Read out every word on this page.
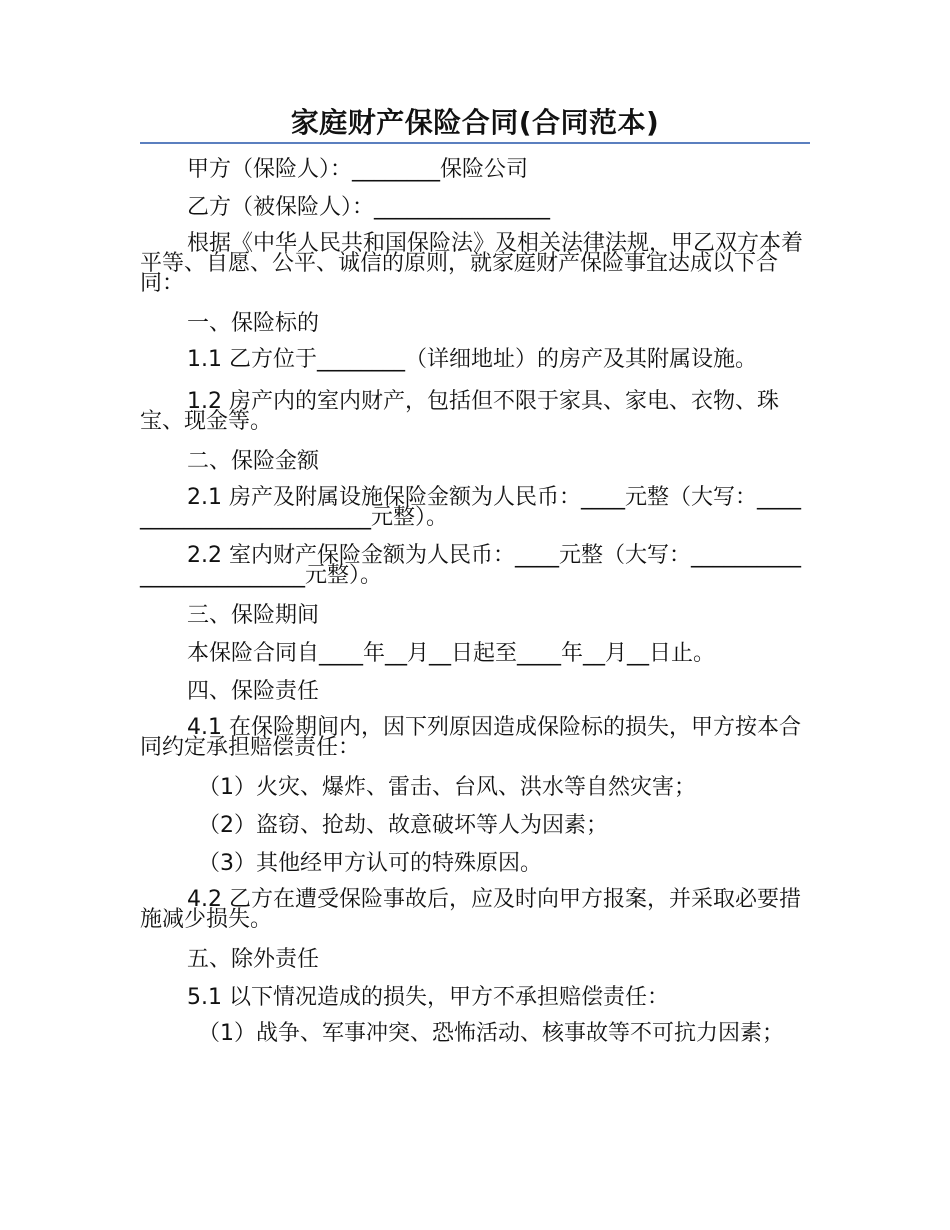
家庭财产保险合同(合同范本)

甲方（保险人）：________保险公司

乙方（被保险人）：________________

根据《中华人民共和国保险法》及相关法律法规，甲乙双方本着平等、自愿、公平、诚信的原则，就家庭财产保险事宜达成以下合同：

一、保险标的

1.1 乙方位于________（详细地址）的房产及其附属设施。

1.2 房产内的室内财产，包括但不限于家具、家电、衣物、珠宝、现金等。

二、保险金额

2.1 房产及附属设施保险金额为人民币：____元整（大写：_________________________元整）。

2.2 室内财产保险金额为人民币：____元整（大写：_________________________元整）。

三、保险期间

本保险合同自____年__月__日起至____年__月__日止。

四、保险责任

4.1 在保险期间内，因下列原因造成保险标的损失，甲方按本合同约定承担赔偿责任：

（1）火灾、爆炸、雷击、台风、洪水等自然灾害；

（2）盗窃、抢劫、故意破坏等人为因素；

（3）其他经甲方认可的特殊原因。

4.2 乙方在遭受保险事故后，应及时向甲方报案，并采取必要措施减少损失。

五、除外责任

5.1 以下情况造成的损失，甲方不承担赔偿责任：

（1）战争、军事冲突、恐怖活动、核事故等不可抗力因素；
